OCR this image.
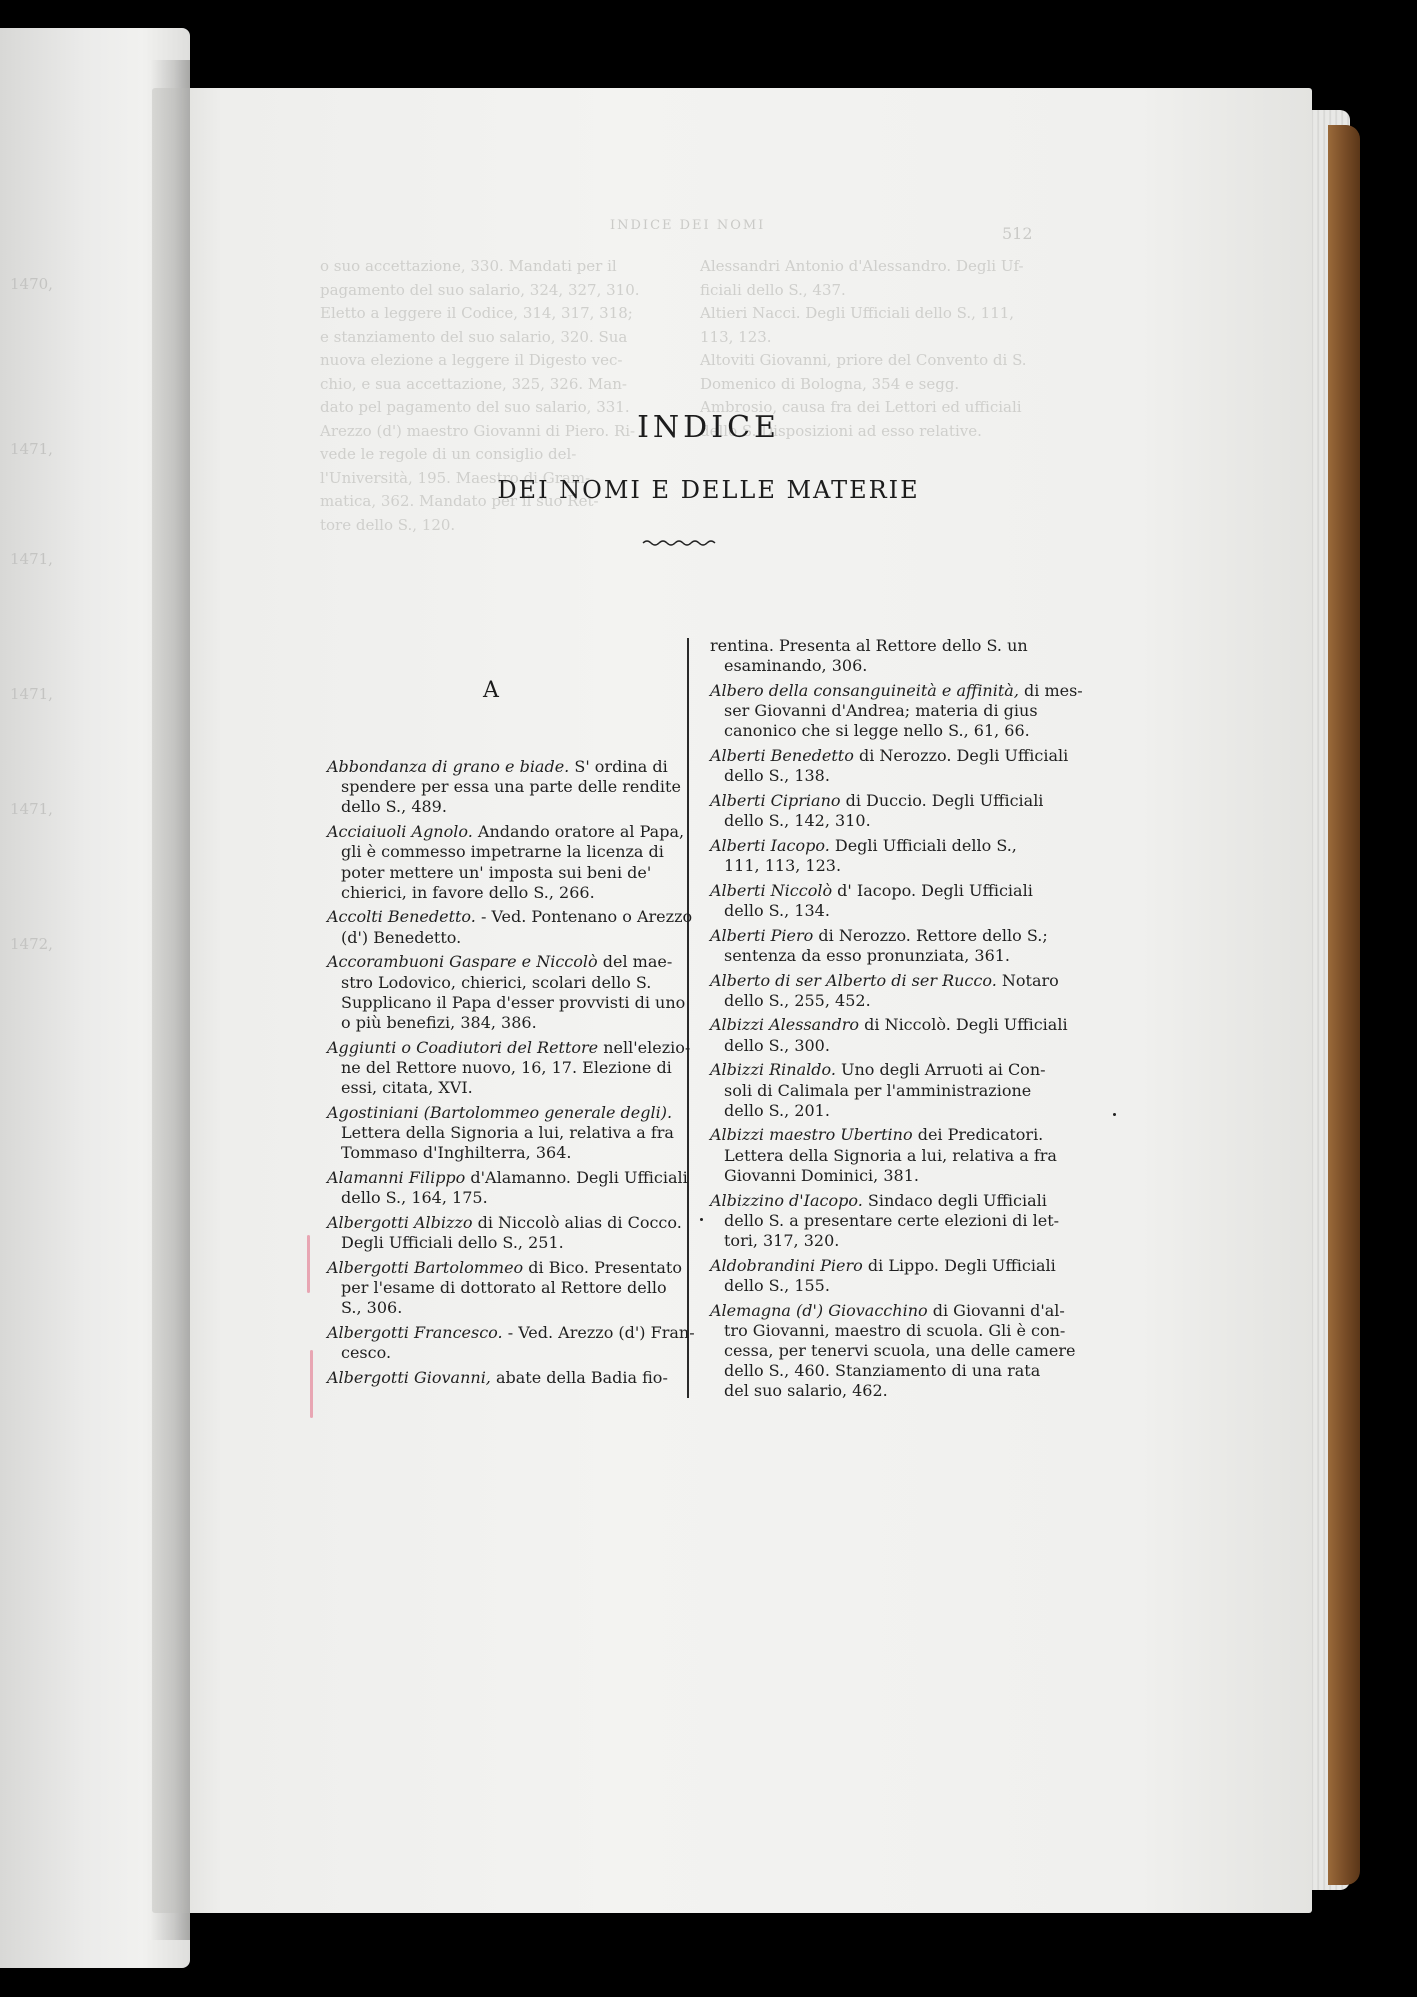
1470,
1471,
1471,
1471,
1471,
1472,
INDICE DEI NOMI	512
o suo accettazione, 330. Mandati per il
pagamento del suo salario, 324, 327, 310.
Eletto a leggere il Codice, 314, 317, 318;
e stanziamento del suo salario, 320. Sua
nuova elezione a leggere il Digesto vec-
chio, e sua accettazione, 325, 326. Man-
dato pel pagamento del suo salario, 331.
Arezzo (d') maestro Giovanni di Piero. Ri-
vede le regole di un consiglio del-
l'Università, 195. Maestro di Gram-
matica, 362. Mandato per il suo Ret-
tore dello S., 120.
Alessandri Antonio d'Alessandro. Degli Uf-
ficiali dello S., 437.
Altieri Nacci. Degli Ufficiali dello S., 111,
113, 123.
Altoviti Giovanni, priore del Convento di S.
Domenico di Bologna, 354 e segg.
Ambrosio, causa fra dei Lettori ed ufficiali
dello S. Disposizioni ad esso relative.
INDICE
DEI NOMI E DELLE MATERIE
A
Abbondanza di grano e biade. S' ordina di
spendere per essa una parte delle rendite
dello S., 489.
Acciaiuoli Agnolo. Andando oratore al Papa,
gli è commesso impetrarne la licenza di
poter mettere un' imposta sui beni de'
chierici, in favore dello S., 266.
Accolti Benedetto. - Ved. Pontenano o Arezzo
(d') Benedetto.
Accorambuoni Gaspare e Niccolò del mae-
stro Lodovico, chierici, scolari dello S.
Supplicano il Papa d'esser provvisti di uno
o più benefizi, 384, 386.
Aggiunti o Coadiutori del Rettore nell'elezio-
ne del Rettore nuovo, 16, 17. Elezione di
essi, citata, XVI.
Agostiniani (Bartolommeo generale degli).
Lettera della Signoria a lui, relativa a fra
Tommaso d'Inghilterra, 364.
Alamanni Filippo d'Alamanno. Degli Ufficiali
dello S., 164, 175.
Albergotti Albizzo di Niccolò alias di Cocco.
Degli Ufficiali dello S., 251.
Albergotti Bartolommeo di Bico. Presentato
per l'esame di dottorato al Rettore dello
S., 306.
Albergotti Francesco. - Ved. Arezzo (d') Fran-
cesco.
Albergotti Giovanni, abate della Badia fio-
rentina. Presenta al Rettore dello S. un
esaminando, 306.
Albero della consanguineità e affinità, di mes-
ser Giovanni d'Andrea; materia di gius
canonico che si legge nello S., 61, 66.
Alberti Benedetto di Nerozzo. Degli Ufficiali
dello S., 138.
Alberti Cipriano di Duccio. Degli Ufficiali
dello S., 142, 310.
Alberti Iacopo. Degli Ufficiali dello S.,
111, 113, 123.
Alberti Niccolò d' Iacopo. Degli Ufficiali
dello S., 134.
Alberti Piero di Nerozzo. Rettore dello S.;
sentenza da esso pronunziata, 361.
Alberto di ser Alberto di ser Rucco. Notaro
dello S., 255, 452.
Albizzi Alessandro di Niccolò. Degli Ufficiali
dello S., 300.
Albizzi Rinaldo. Uno degli Arruoti ai Con-
soli di Calimala per l'amministrazione
dello S., 201.
Albizzi maestro Ubertino dei Predicatori.
Lettera della Signoria a lui, relativa a fra
Giovanni Dominici, 381.
Albizzino d'Iacopo. Sindaco degli Ufficiali
dello S. a presentare certe elezioni di let-
tori, 317, 320.
Aldobrandini Piero di Lippo. Degli Ufficiali
dello S., 155.
Alemagna (d') Giovacchino di Giovanni d'al-
tro Giovanni, maestro di scuola. Gli è con-
cessa, per tenervi scuola, una delle camere
dello S., 460. Stanziamento di una rata
del suo salario, 462.
